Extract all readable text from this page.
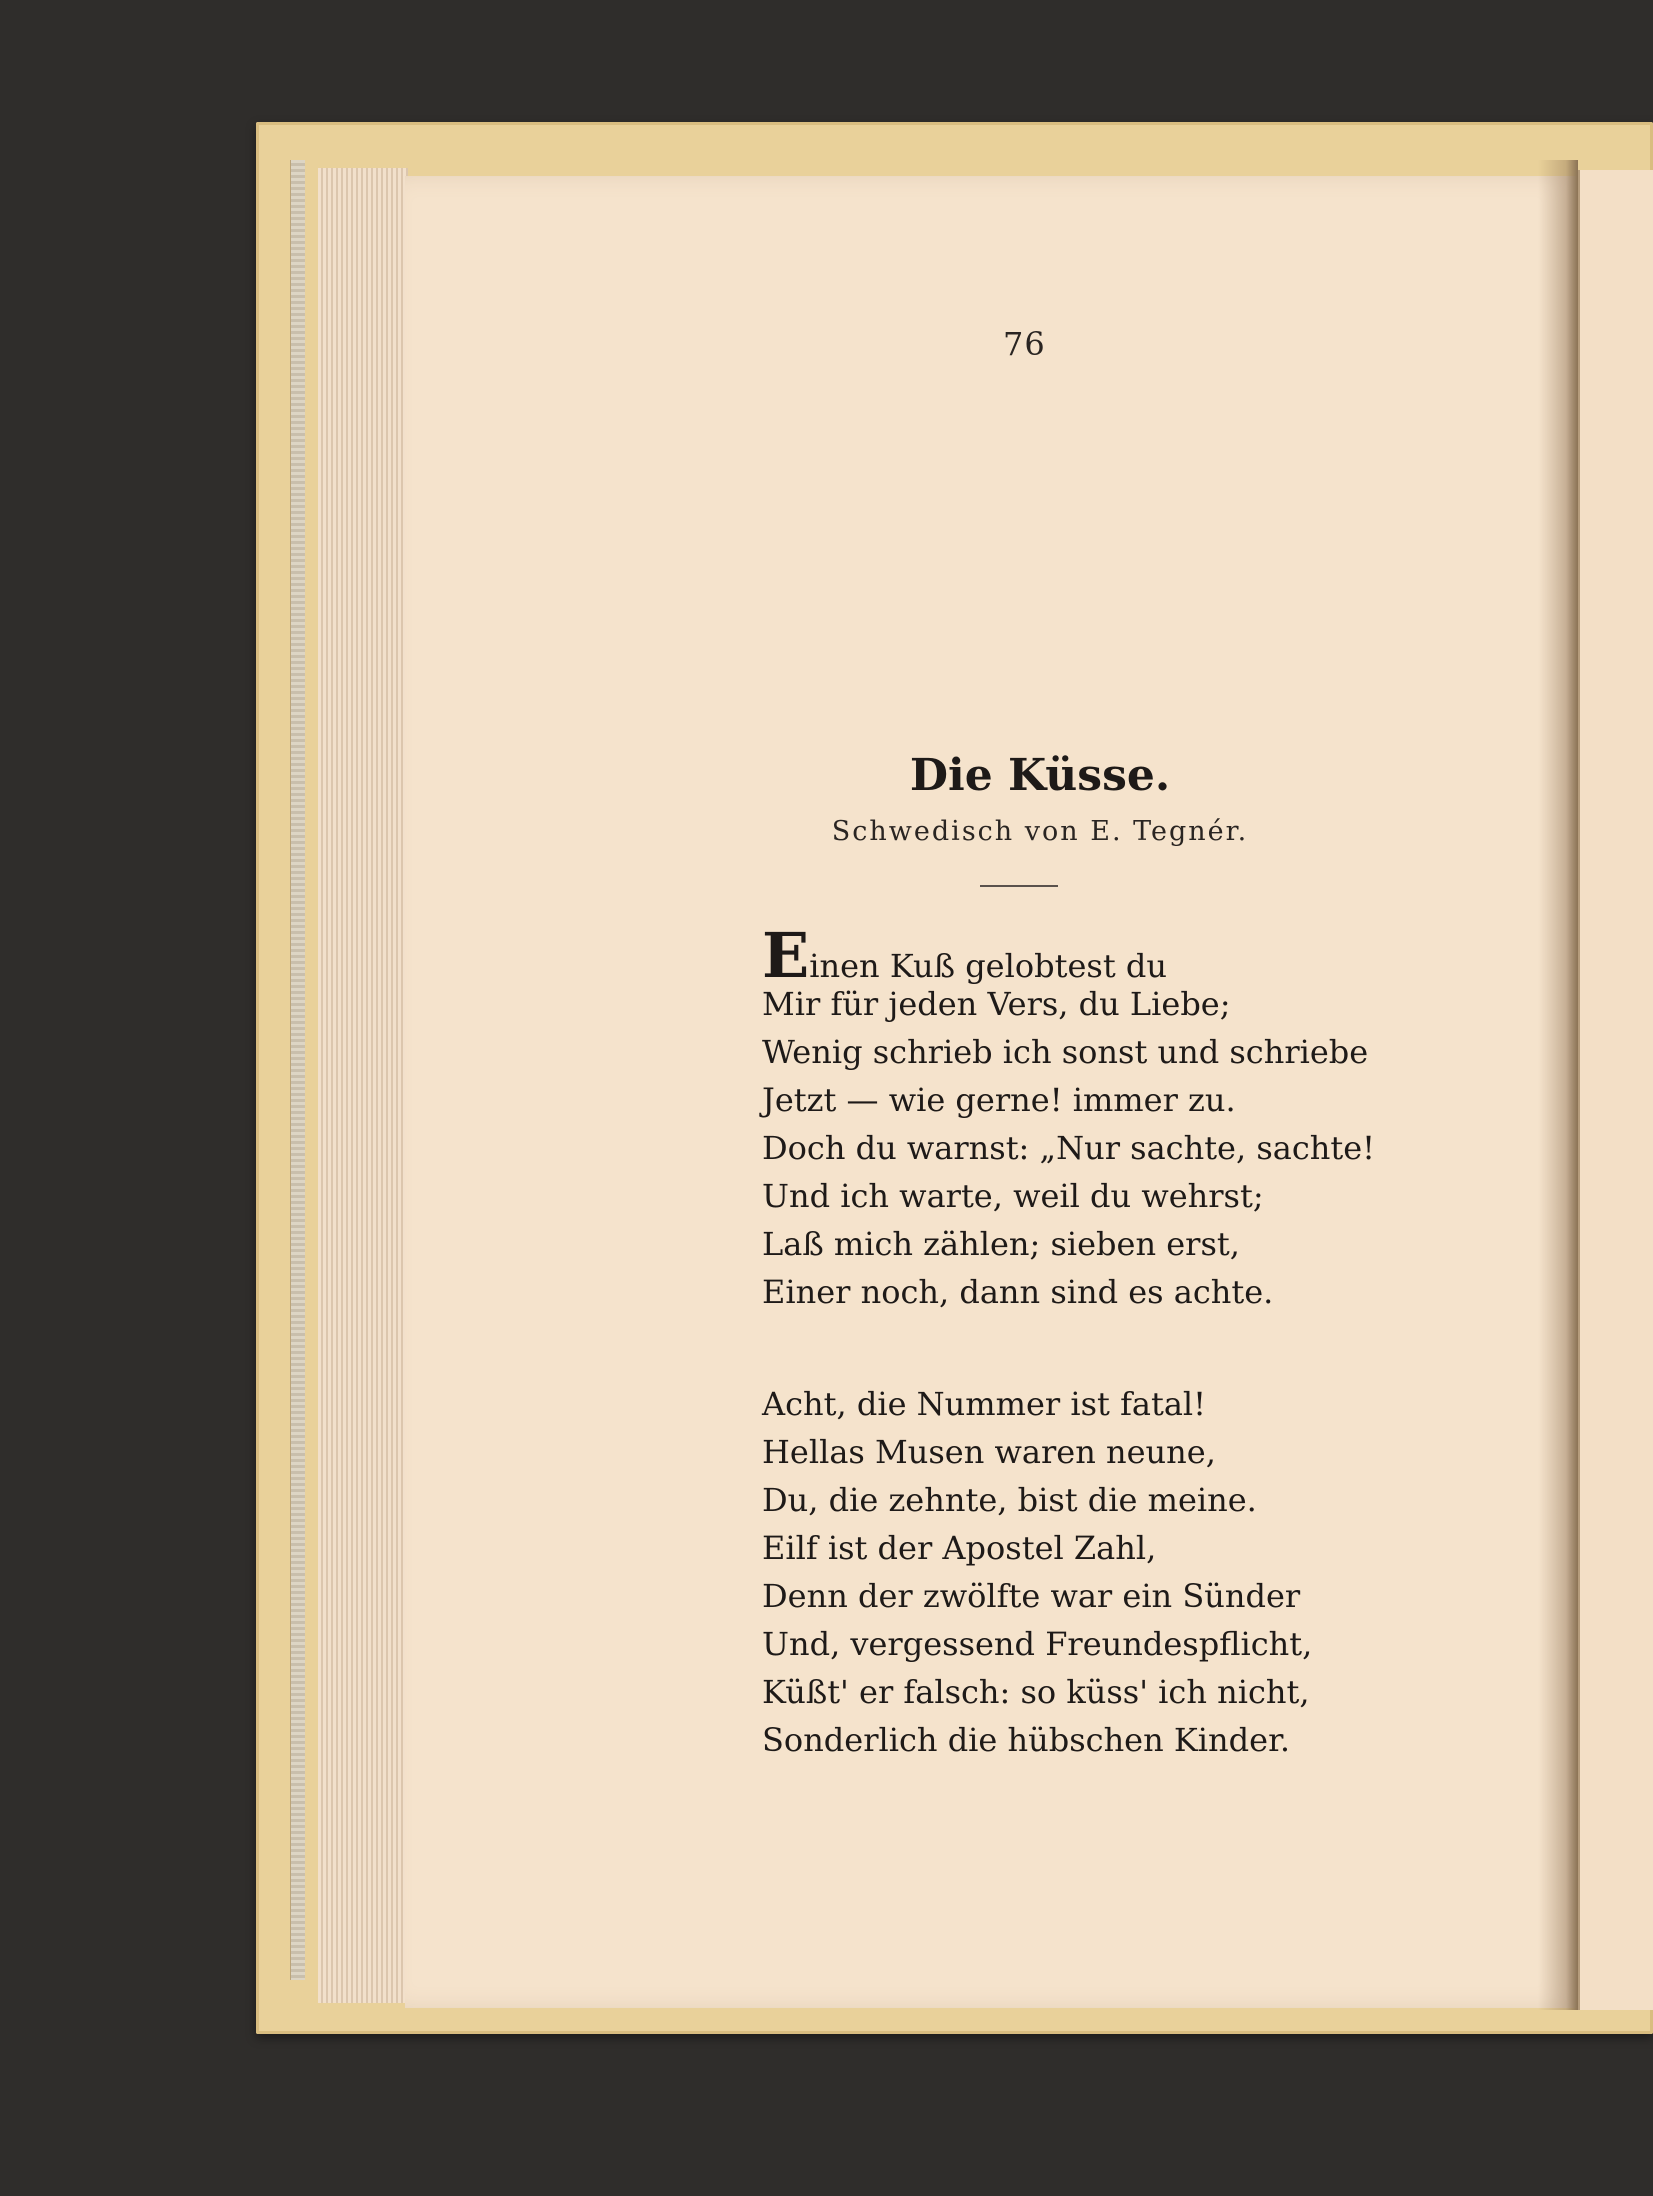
76
Die Küsse.
Schwedisch von E. Tegnér.
Einen Kuß gelobtest du
Mir für jeden Vers, du Liebe;
Wenig schrieb ich sonst und schriebe
Jetzt — wie gerne! immer zu.
Doch du warnst: „Nur sachte, sachte!
Und ich warte, weil du wehrst;
Laß mich zählen; sieben erst,
Einer noch, dann sind es achte.
Acht, die Nummer ist fatal!
Hellas Musen waren neune,
Du, die zehnte, bist die meine.
Eilf ist der Apostel Zahl,
Denn der zwölfte war ein Sünder
Und, vergessend Freundespflicht,
Küßt' er falsch: so küss' ich nicht,
Sonderlich die hübschen Kinder.
